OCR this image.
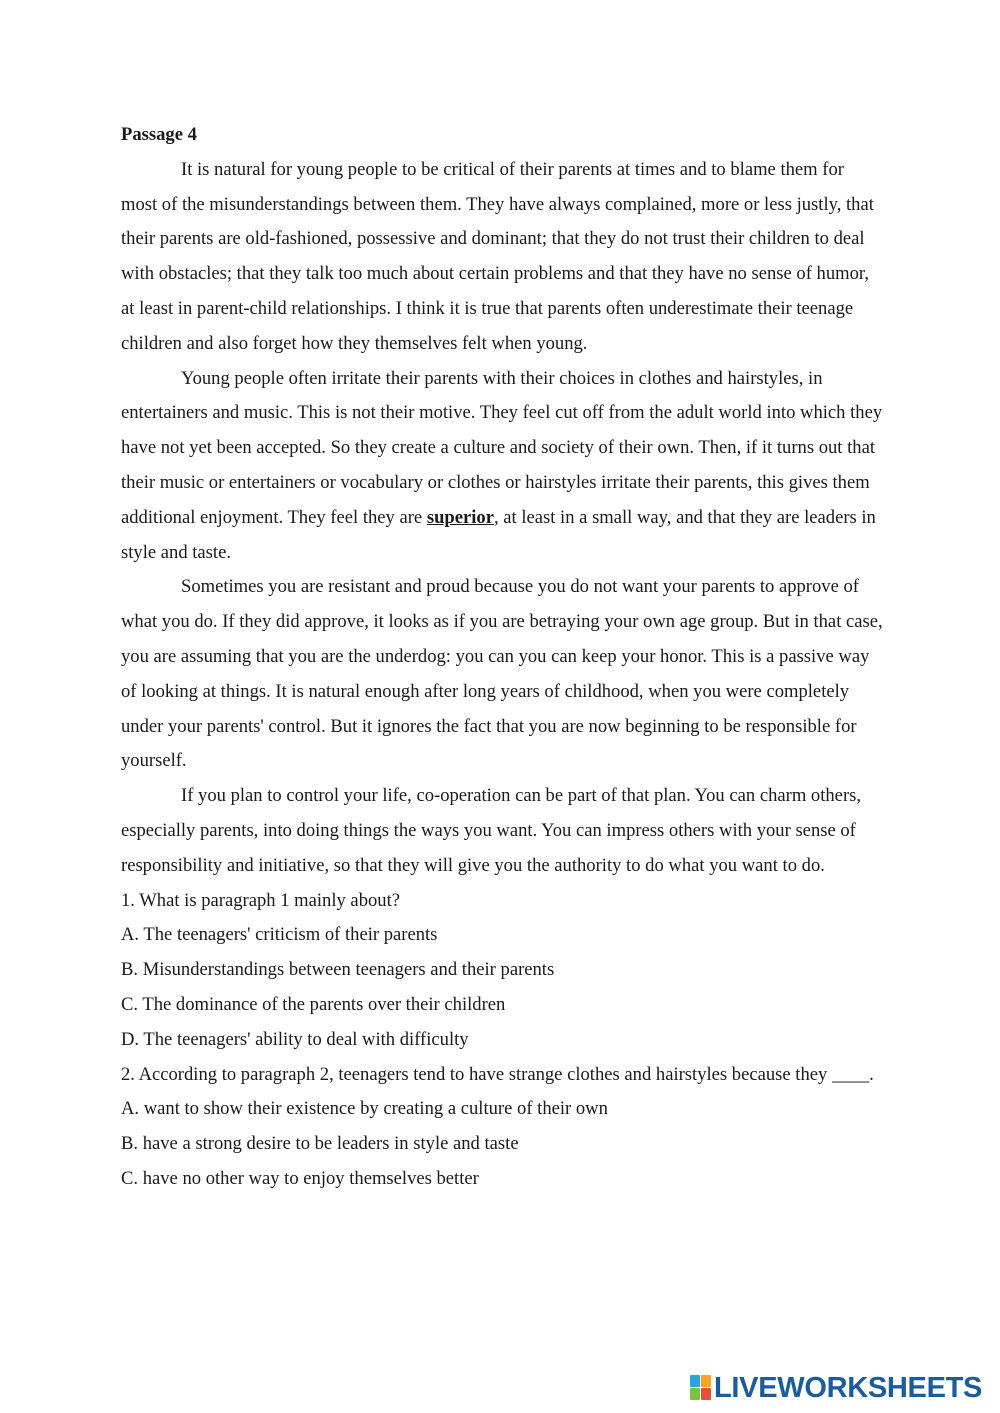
Passage 4

It is natural for young people to be critical of their parents at times and to blame them for most of the misunderstandings between them. They have always complained, more or less justly, that their parents are old-fashioned, possessive and dominant; that they do not trust their children to deal with obstacles; that they talk too much about certain problems and that they have no sense of humor, at least in parent-child relationships. I think it is true that parents often underestimate their teenage children and also forget how they themselves felt when young.

Young people often irritate their parents with their choices in clothes and hairstyles, in entertainers and music. This is not their motive. They feel cut off from the adult world into which they have not yet been accepted. So they create a culture and society of their own. Then, if it turns out that their music or entertainers or vocabulary or clothes or hairstyles irritate their parents, this gives them additional enjoyment. They feel they are superior, at least in a small way, and that they are leaders in style and taste.

Sometimes you are resistant and proud because you do not want your parents to approve of what you do. If they did approve, it looks as if you are betraying your own age group. But in that case, you are assuming that you are the underdog: you can you can keep your honor. This is a passive way of looking at things. It is natural enough after long years of childhood, when you were completely under your parents' control. But it ignores the fact that you are now beginning to be responsible for yourself.

If you plan to control your life, co-operation can be part of that plan. You can charm others, especially parents, into doing things the ways you want. You can impress others with your sense of responsibility and initiative, so that they will give you the authority to do what you want to do.

1. What is paragraph 1 mainly about?

A. The teenagers' criticism of their parents

B. Misunderstandings between teenagers and their parents

C. The dominance of the parents over their children

D. The teenagers' ability to deal with difficulty

2. According to paragraph 2, teenagers tend to have strange clothes and hairstyles because they ____.

A. want to show their existence by creating a culture of their own

B. have a strong desire to be leaders in style and taste

C. have no other way to enjoy themselves better

LIVEWORKSHEETS
